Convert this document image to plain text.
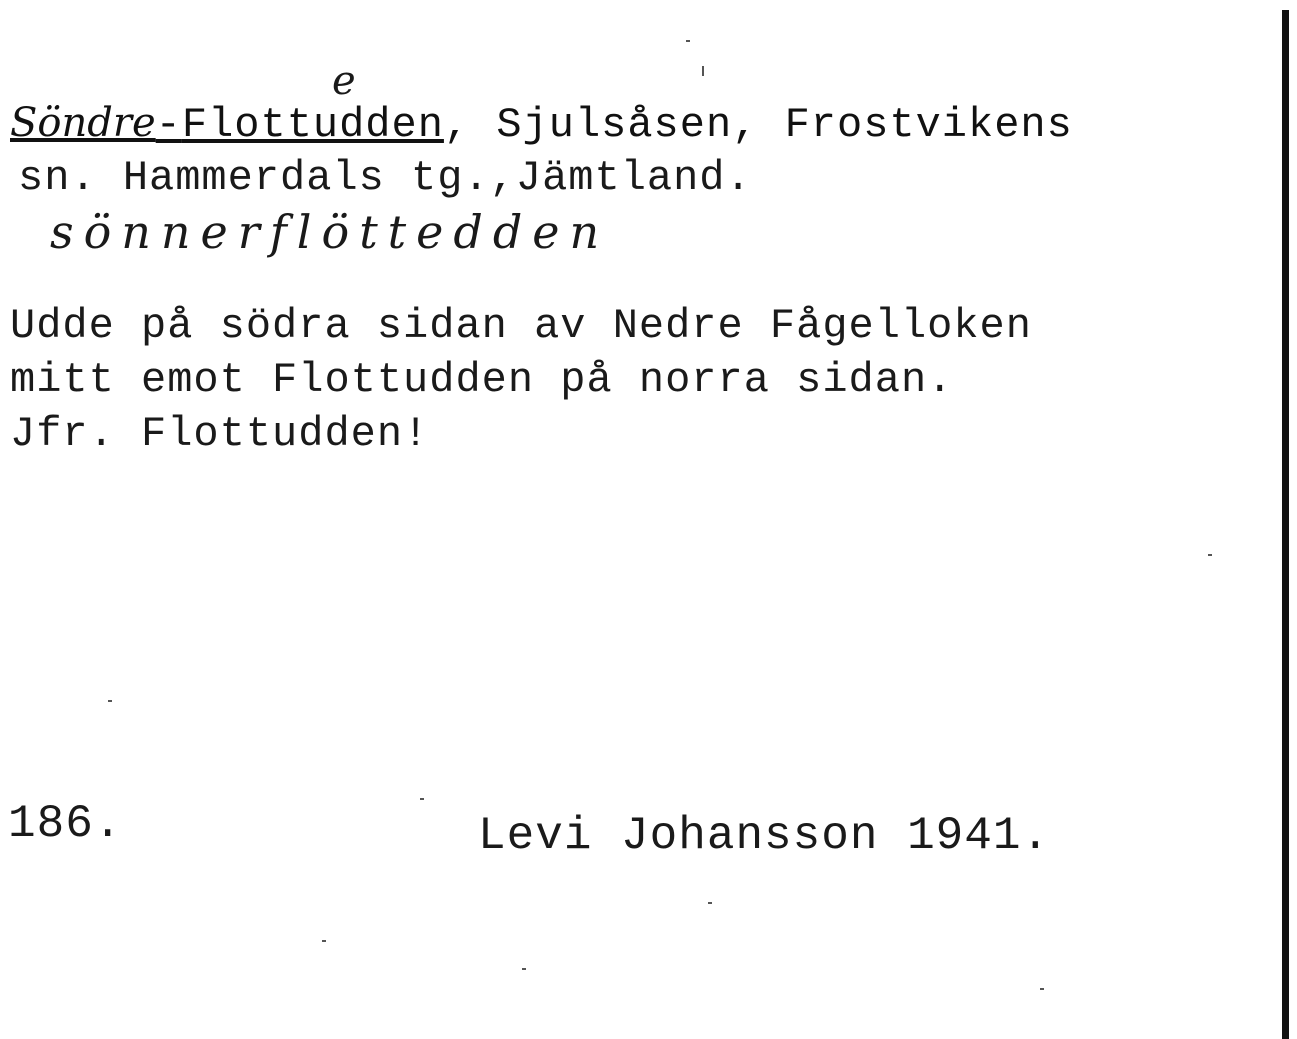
e
Söndre-Flottudden, Sjulsåsen, Frostvikens
sn. Hammerdals tg.,Jämtland.
sönnerflöttedden
Udde på södra sidan av Nedre Fågelloken
mitt emot Flottudden på norra sidan.
Jfr. Flottudden!
186.	Levi Johansson 1941.
